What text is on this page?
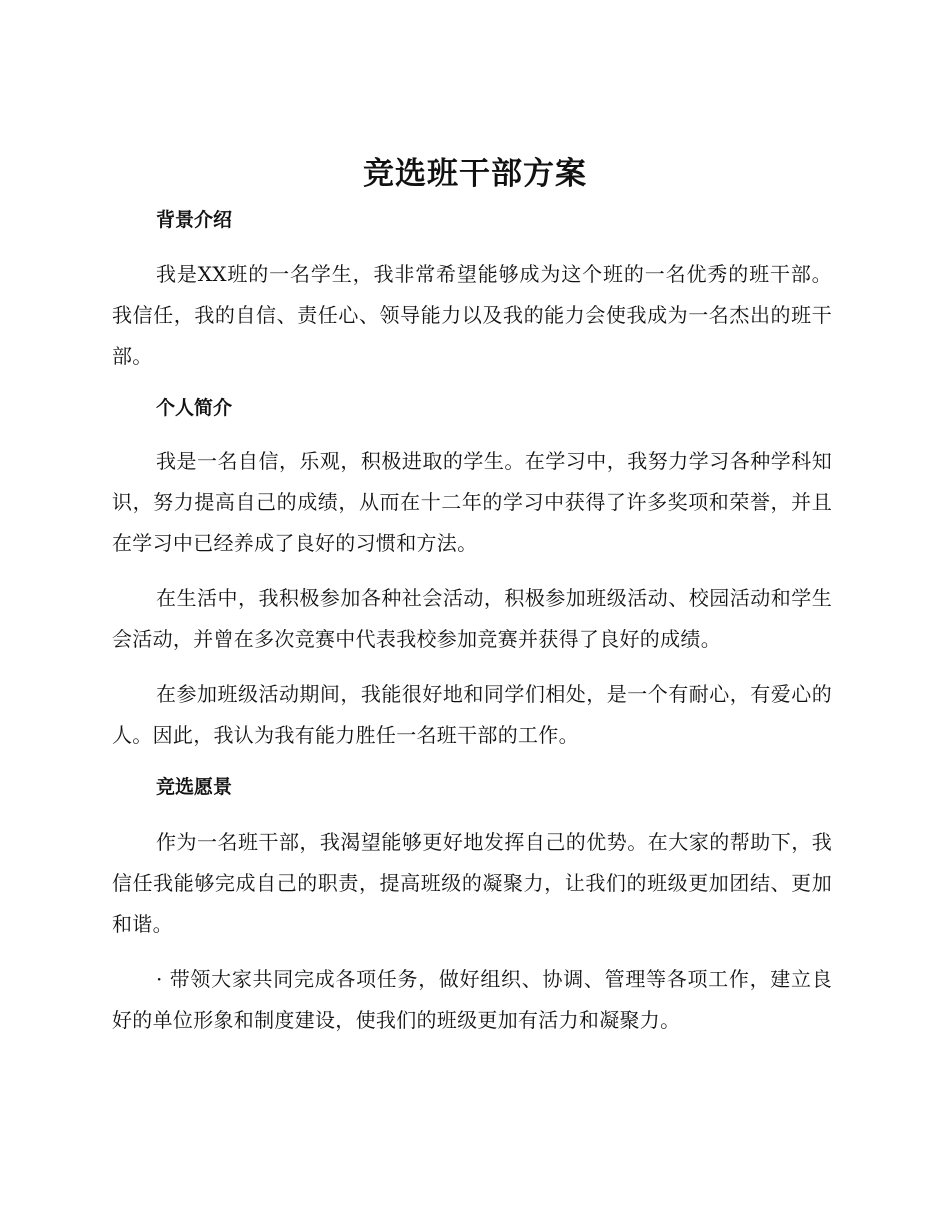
竞选班干部方案
背景介绍

我是XX班的一名学生，我非常希望能够成为这个班的一名优秀的班干部。我信任，我的自信、责任心、领导能力以及我的能力会使我成为一名杰出的班干部。

个人简介

我是一名自信，乐观，积极进取的学生。在学习中，我努力学习各种学科知识，努力提高自己的成绩，从而在十二年的学习中获得了许多奖项和荣誉，并且在学习中已经养成了良好的习惯和方法。

在生活中，我积极参加各种社会活动，积极参加班级活动、校园活动和学生会活动，并曾在多次竞赛中代表我校参加竞赛并获得了良好的成绩。

在参加班级活动期间，我能很好地和同学们相处，是一个有耐心，有爱心的人。因此，我认为我有能力胜任一名班干部的工作。

竞选愿景

作为一名班干部，我渴望能够更好地发挥自己的优势。在大家的帮助下，我信任我能够完成自己的职责，提高班级的凝聚力，让我们的班级更加团结、更加和谐。

· 带领大家共同完成各项任务，做好组织、协调、管理等各项工作，建立良好的单位形象和制度建设，使我们的班级更加有活力和凝聚力。
